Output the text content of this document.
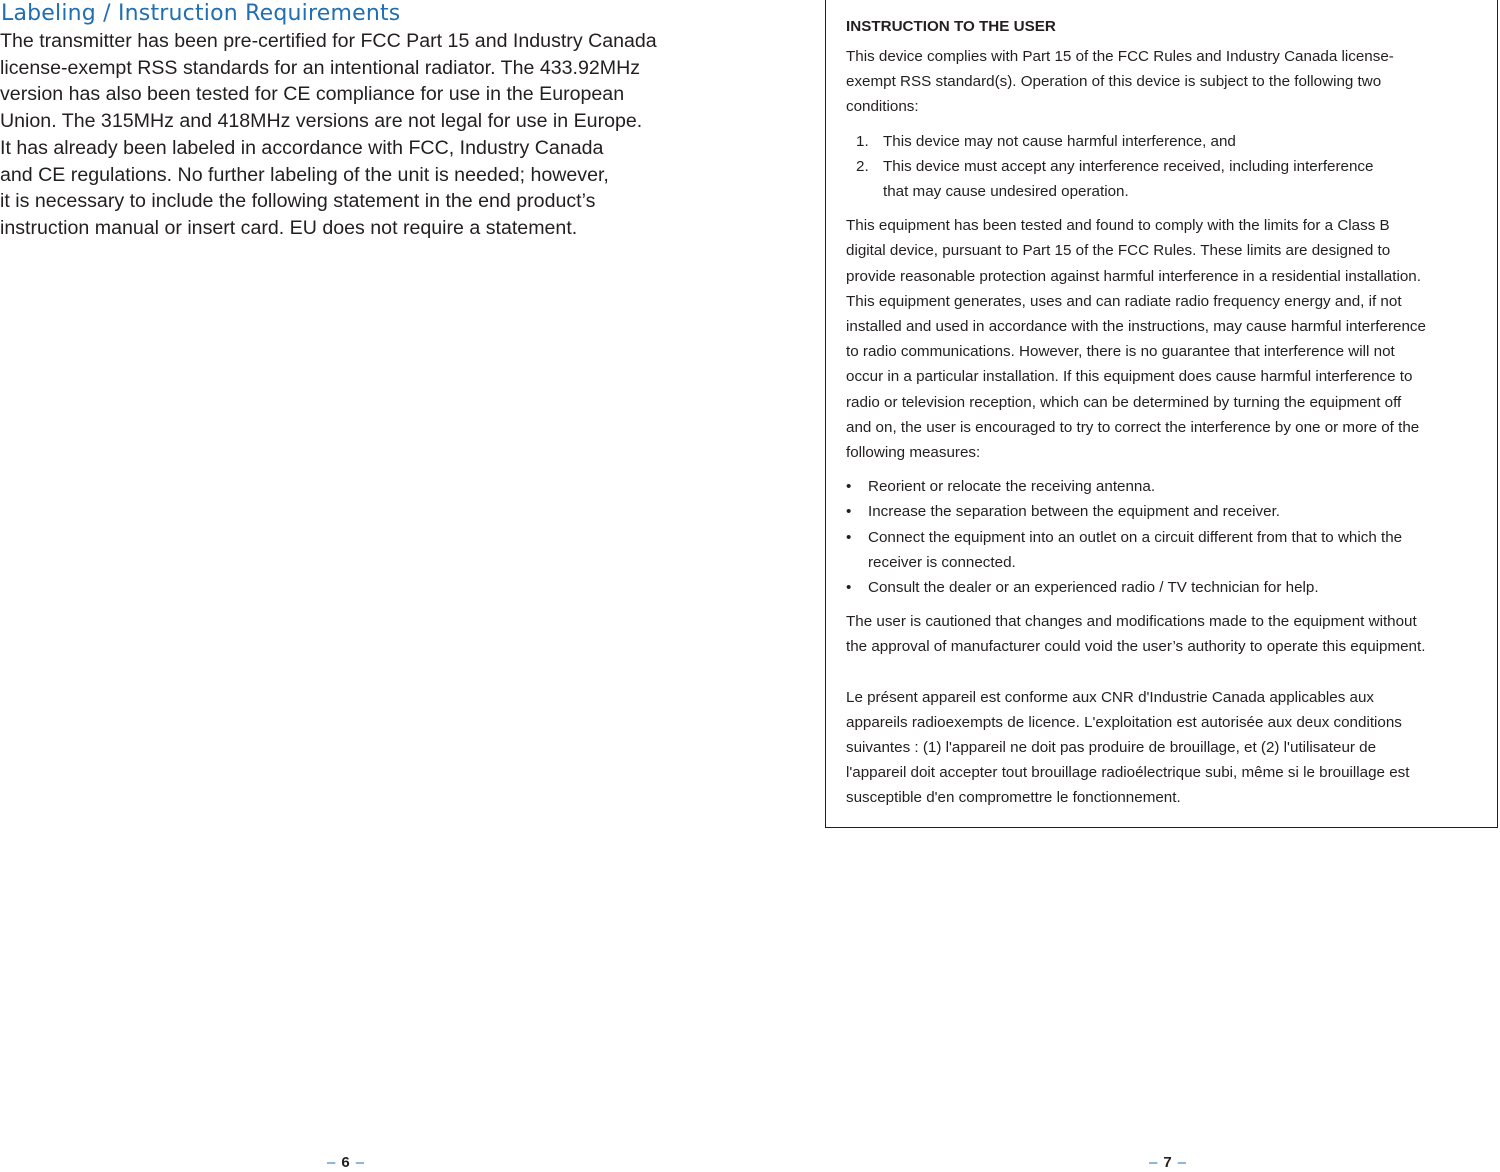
Labeling / Instruction Requirements

The transmitter has been pre-certified for FCC Part 15 and Industry Canada
license-exempt RSS standards for an intentional radiator. The 433.92MHz
version has also been tested for CE compliance for use in the European
Union. The 315MHz and 418MHz versions are not legal for use in Europe.
It has already been labeled in accordance with FCC, Industry Canada
and CE regulations. No further labeling of the unit is needed; however,
it is necessary to include the following statement in the end product’s
instruction manual or insert card. EU does not require a statement.

– 6 –

INSTRUCTION TO THE USER

This device complies with Part 15 of the FCC Rules and Industry Canada license-
exempt RSS standard(s). Operation of this device is subject to the following two
conditions:

1. This device may not cause harmful interference, and
2. This device must accept any interference received, including interference
that may cause undesired operation.

This equipment has been tested and found to comply with the limits for a Class B
digital device, pursuant to Part 15 of the FCC Rules. These limits are designed to
provide reasonable protection against harmful interference in a residential installation.
This equipment generates, uses and can radiate radio frequency energy and, if not
installed and used in accordance with the instructions, may cause harmful interference
to radio communications. However, there is no guarantee that interference will not
occur in a particular installation. If this equipment does cause harmful interference to
radio or television reception, which can be determined by turning the equipment off
and on, the user is encouraged to try to correct the interference by one or more of the
following measures:

• Reorient or relocate the receiving antenna.
• Increase the separation between the equipment and receiver.
• Connect the equipment into an outlet on a circuit different from that to which the
receiver is connected.
• Consult the dealer or an experienced radio / TV technician for help.

The user is cautioned that changes and modifications made to the equipment without
the approval of manufacturer could void the user’s authority to operate this equipment.

Le présent appareil est conforme aux CNR d'Industrie Canada applicables aux
appareils radioexempts de licence. L'exploitation est autorisée aux deux conditions
suivantes : (1) l'appareil ne doit pas produire de brouillage, et (2) l'utilisateur de
l'appareil doit accepter tout brouillage radioélectrique subi, même si le brouillage est
susceptible d'en compromettre le fonctionnement.

– 7 –
